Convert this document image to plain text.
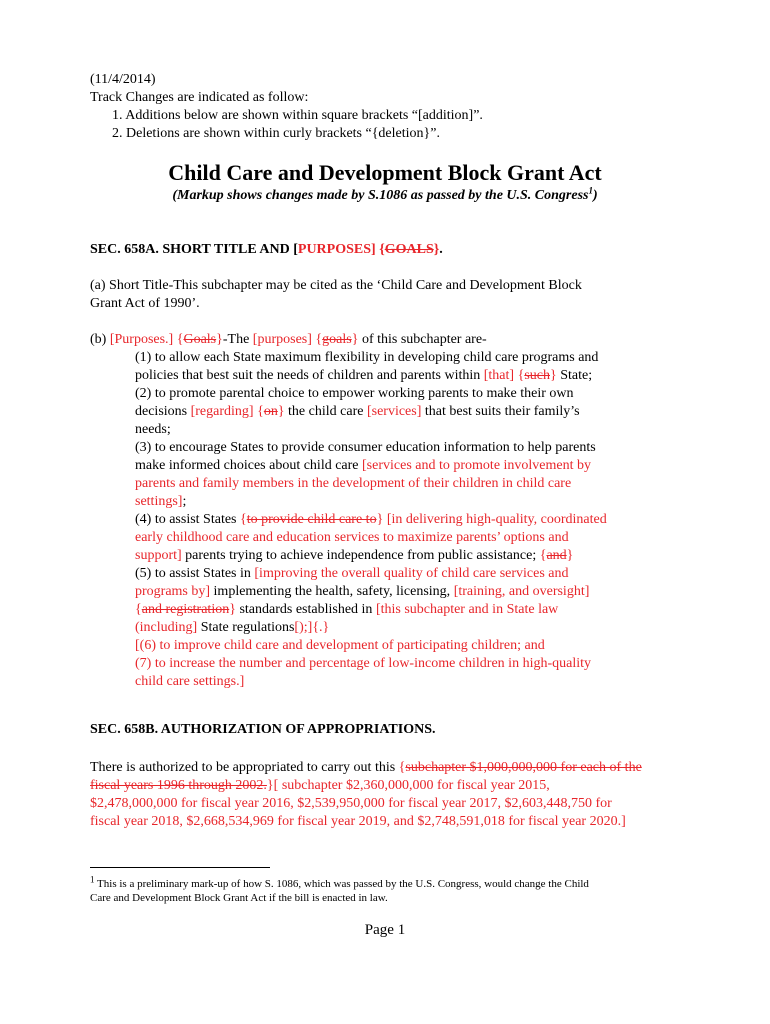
(11/4/2014)
Track Changes are indicated as follow:
1. Additions below are shown within square brackets “[addition]”.
2. Deletions are shown within curly brackets “{deletion}”.
Child Care and Development Block Grant Act
(Markup shows changes made by S.1086 as passed by the U.S. Congress$^1$)
SEC. 658A. SHORT TITLE AND [PURPOSES] {GOALS}.
(a) Short Title-This subchapter may be cited as the ‘Child Care and Development Block
Grant Act of 1990’.
(b) [Purposes.] {Goals}-The [purposes] {goals} of this subchapter are-
(1) to allow each State maximum flexibility in developing child care programs and
policies that best suit the needs of children and parents within [that] {such} State;
(2) to promote parental choice to empower working parents to make their own
decisions [regarding] {on} the child care [services] that best suits their family’s
needs;
(3) to encourage States to provide consumer education information to help parents
make informed choices about child care [services and to promote involvement by
parents and family members in the development of their children in child care
settings];
(4) to assist States {to provide child care to} [in delivering high-quality, coordinated
early childhood care and education services to maximize parents’ options and
support] parents trying to achieve independence from public assistance; {and}
(5) to assist States in [improving the overall quality of child care services and
programs by] implementing the health, safety, licensing, [training, and oversight]
{and registration} standards established in [this subchapter and in State law
(including] State regulations[);]{.}
[(6) to improve child care and development of participating children; and
(7) to increase the number and percentage of low-income children in high-quality
child care settings.]
SEC. 658B. AUTHORIZATION OF APPROPRIATIONS.
There is authorized to be appropriated to carry out this {subchapter $1,000,000,000 for each of the
fiscal years 1996 through 2002.}[ subchapter $2,360,000,000 for fiscal year 2015,
$2,478,000,000 for fiscal year 2016, $2,539,950,000 for fiscal year 2017, $2,603,448,750 for
fiscal year 2018, $2,668,534,969 for fiscal year 2019, and $2,748,591,018 for fiscal year 2020.]
$^1$ This is a preliminary mark-up of how S. 1086, which was passed by the U.S. Congress, would change the Child
Care and Development Block Grant Act if the bill is enacted in law.
Page 1
